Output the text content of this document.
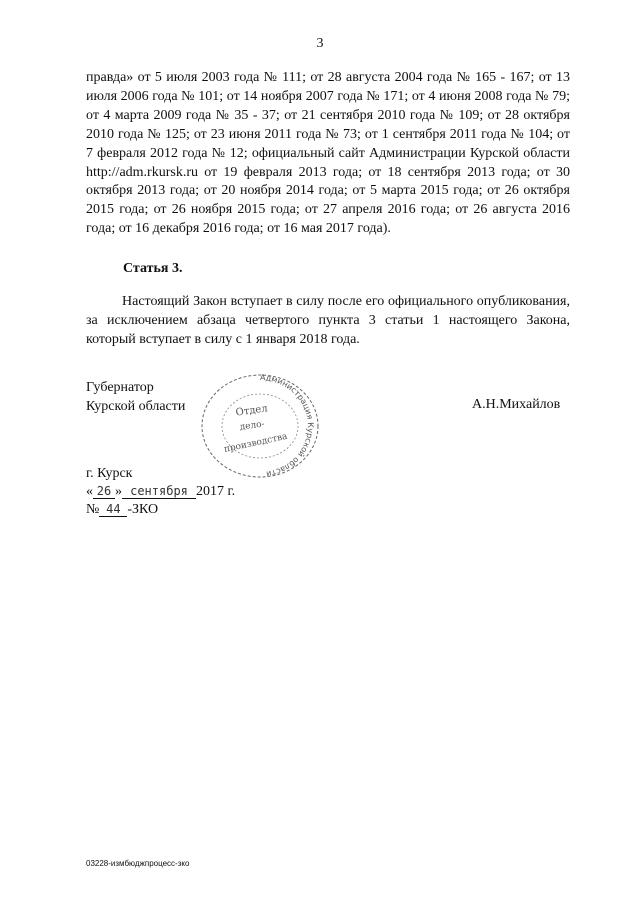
3
правда» от 5 июля 2003 года № 111; от 28 августа 2004 года № 165 - 167; от 13 июля 2006 года № 101; от 14 ноября 2007 года № 171; от 4 июня 2008 года № 79; от 4 марта 2009 года № 35 - 37; от 21 сентября 2010 года № 109; от 28 октября 2010 года № 125; от 23 июня 2011 года № 73; от 1 сентября 2011 года № 104; от 7 февраля 2012 года № 12; официальный сайт Администрации Курской области http://adm.rkursk.ru от 19 февраля 2013 года; от 18 сентября 2013 года; от 30 октября 2013 года; от 20 ноября 2014 года; от 5 марта 2015 года; от 26 октября 2015 года; от 26 ноября 2015 года; от 27 апреля 2016 года; от 26 августа 2016 года; от 16 декабря 2016 года; от 16 мая 2017 года).
Статья 3.
Настоящий Закон вступает в силу после его официального опубликования, за исключением абзаца четвертого пункта 3 статьи 1 настоящего Закона, который вступает в силу с 1 января 2018 года.
Губернатор
Курской области
Администрация Курской области
Отдел
дело-
производства
А.Н.Михайлов
г. Курск
« 26 » сентября 2017 г.
№ 44 -ЗКО
03228-измбюджпроцесс-зко
